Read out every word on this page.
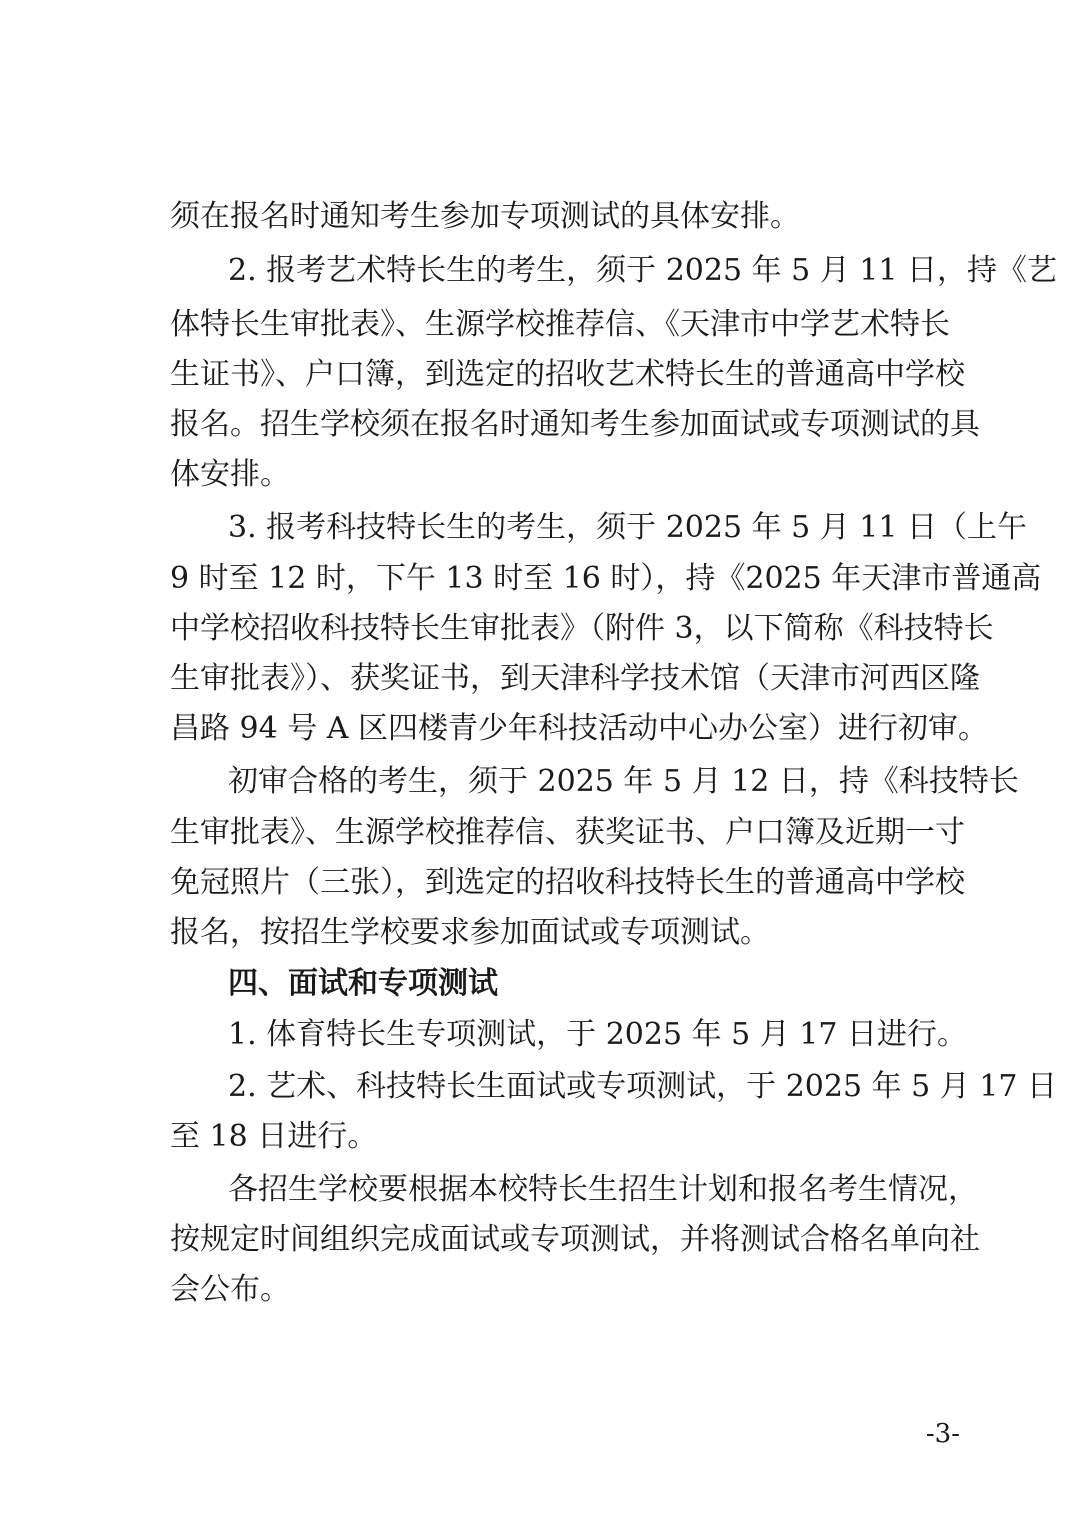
须在报名时通知考生参加专项测试的具体安排。
2. 报考艺术特长生的考生，须于 2025 年 5 月 11 日，持《艺
体特长生审批表》、生源学校推荐信、《天津市中学艺术特长
生证书》、户口簿，到选定的招收艺术特长生的普通高中学校
报名。招生学校须在报名时通知考生参加面试或专项测试的具
体安排。
3. 报考科技特长生的考生，须于 2025 年 5 月 11 日（上午
9 时至 12 时，下午 13 时至 16 时），持《2025 年天津市普通高
中学校招收科技特长生审批表》（附件 3，以下简称《科技特长
生审批表》）、获奖证书，到天津科学技术馆（天津市河西区隆
昌路 94 号 A 区四楼青少年科技活动中心办公室）进行初审。
初审合格的考生，须于 2025 年 5 月 12 日，持《科技特长
生审批表》、生源学校推荐信、获奖证书、户口簿及近期一寸
免冠照片（三张），到选定的招收科技特长生的普通高中学校
报名，按招生学校要求参加面试或专项测试。
四、面试和专项测试
1. 体育特长生专项测试，于 2025 年 5 月 17 日进行。
2. 艺术、科技特长生面试或专项测试，于 2025 年 5 月 17 日
至 18 日进行。
各招生学校要根据本校特长生招生计划和报名考生情况，
按规定时间组织完成面试或专项测试，并将测试合格名单向社
会公布。
-3-
